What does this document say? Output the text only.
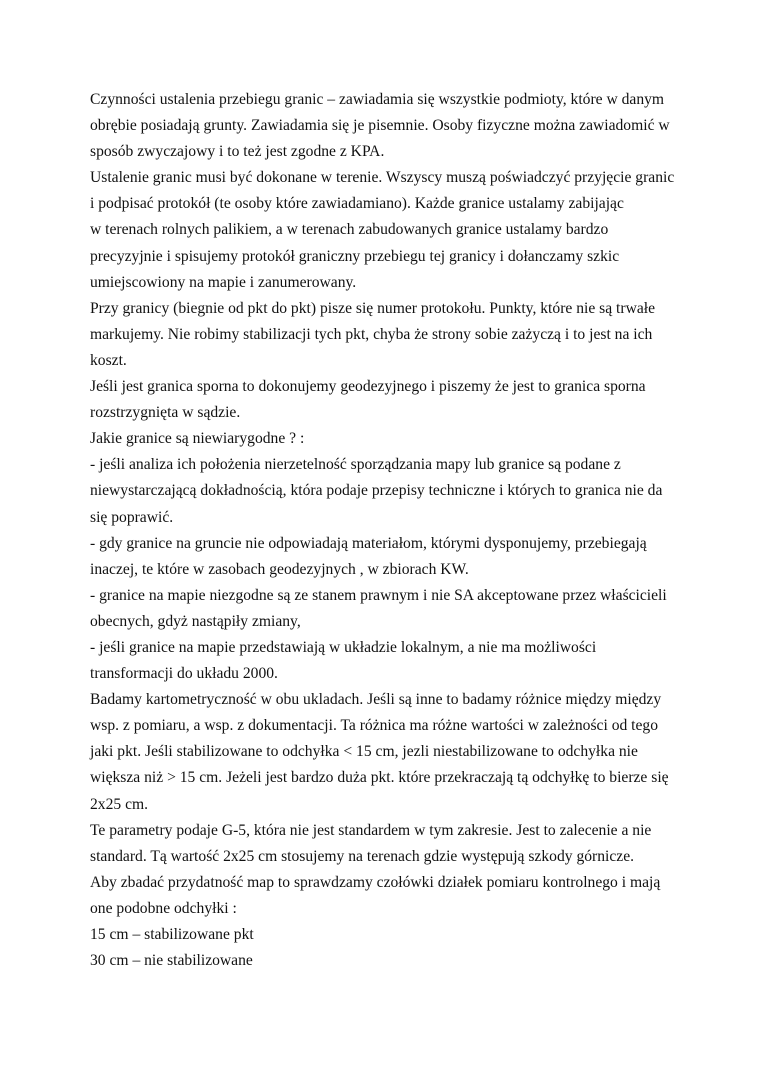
Czynności ustalenia przebiegu granic – zawiadamia się wszystkie podmioty, które w danym
obrębie posiadają grunty. Zawiadamia się je pisemnie. Osoby fizyczne można zawiadomić w
sposób zwyczajowy i to też jest zgodne z KPA.
Ustalenie granic musi być dokonane w terenie. Wszyscy muszą poświadczyć przyjęcie granic
i podpisać protokół (te osoby które zawiadamiano). Każde granice ustalamy zabijając
w terenach rolnych palikiem, a w terenach zabudowanych granice ustalamy bardzo
precyzyjnie i spisujemy protokół graniczny przebiegu tej granicy i dołanczamy szkic
umiejscowiony na mapie i zanumerowany.
Przy granicy (biegnie od pkt do pkt) pisze się numer protokołu. Punkty, które nie są trwałe
markujemy. Nie robimy stabilizacji tych pkt, chyba że strony sobie zażyczą i to jest na ich
koszt.
Jeśli jest granica sporna to dokonujemy geodezyjnego i piszemy że jest to granica sporna
rozstrzygnięta w sądzie.
Jakie granice są niewiarygodne ? :
- jeśli analiza ich położenia nierzetelność sporządzania mapy lub granice są podane z
niewystarczającą dokładnością, która podaje przepisy techniczne i których to granica nie da
się poprawić.
- gdy granice na gruncie nie odpowiadają materiałom, którymi dysponujemy, przebiegają
inaczej, te które w zasobach geodezyjnych , w zbiorach KW.
- granice na mapie niezgodne są ze stanem prawnym i nie SA akceptowane przez właścicieli
obecnych, gdyż nastąpiły zmiany,
- jeśli granice na mapie przedstawiają w układzie lokalnym, a nie ma możliwości
transformacji do układu 2000.
Badamy kartometryczność w obu ukladach. Jeśli są inne to badamy różnice między między
wsp. z pomiaru, a wsp. z dokumentacji. Ta różnica ma różne wartości w zależności od tego
jaki pkt. Jeśli stabilizowane to odchyłka < 15 cm, jezli niestabilizowane to odchyłka nie
większa niż > 15 cm. Jeżeli jest bardzo duża pkt. które przekraczają tą odchyłkę to bierze się
2x25 cm.
Te parametry podaje G-5, która nie jest standardem w tym zakresie. Jest to zalecenie a nie
standard. Tą wartość 2x25 cm stosujemy na terenach gdzie występują szkody górnicze.
Aby zbadać przydatność map to sprawdzamy czołówki działek pomiaru kontrolnego i mają
one podobne odchyłki :
15 cm – stabilizowane pkt
30 cm – nie stabilizowane
